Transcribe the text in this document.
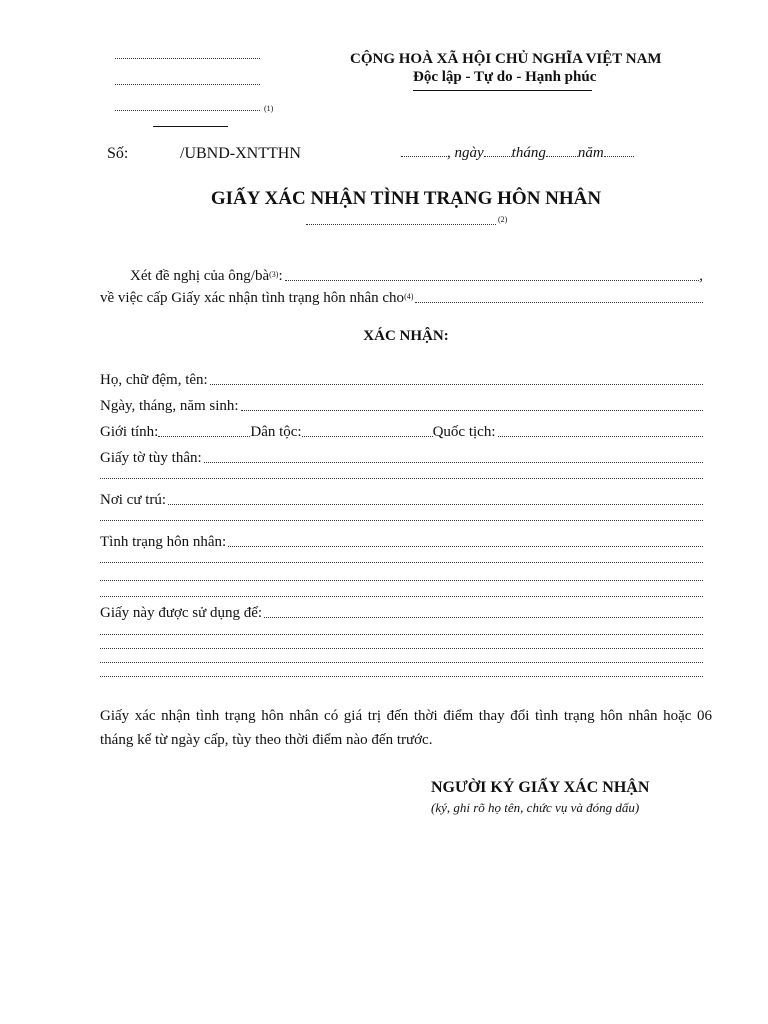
(1)
CỘNG HOÀ XÃ HỘI CHỦ NGHĨA VIỆT NAM
Độc lập - Tự do - Hạnh phúc
Số:	/UBND-XNTTHN	, ngày tháng năm
GIẤY XÁC NHẬN TÌNH TRẠNG HÔN NHÂN
(2)
Xét đề nghị của ông/bà (3) :	,
về việc cấp Giấy xác nhận tình trạng hôn nhân cho (4)
XÁC NHẬN:
Họ, chữ đệm, tên:
Ngày, tháng, năm sinh:
Giới tính:	Dân tộc:	Quốc tịch:
Giấy tờ tùy thân:
Nơi cư trú:
Tình trạng hôn nhân:
Giấy này được sử dụng để:
Giấy xác nhận tình trạng hôn nhân có giá trị đến thời điểm thay đổi tình trạng hôn nhân hoặc 06 tháng kể từ ngày cấp, tùy theo thời điểm nào đến trước.
NGƯỜI KÝ GIẤY XÁC NHẬN
(ký, ghi rõ họ tên, chức vụ và đóng dấu)
